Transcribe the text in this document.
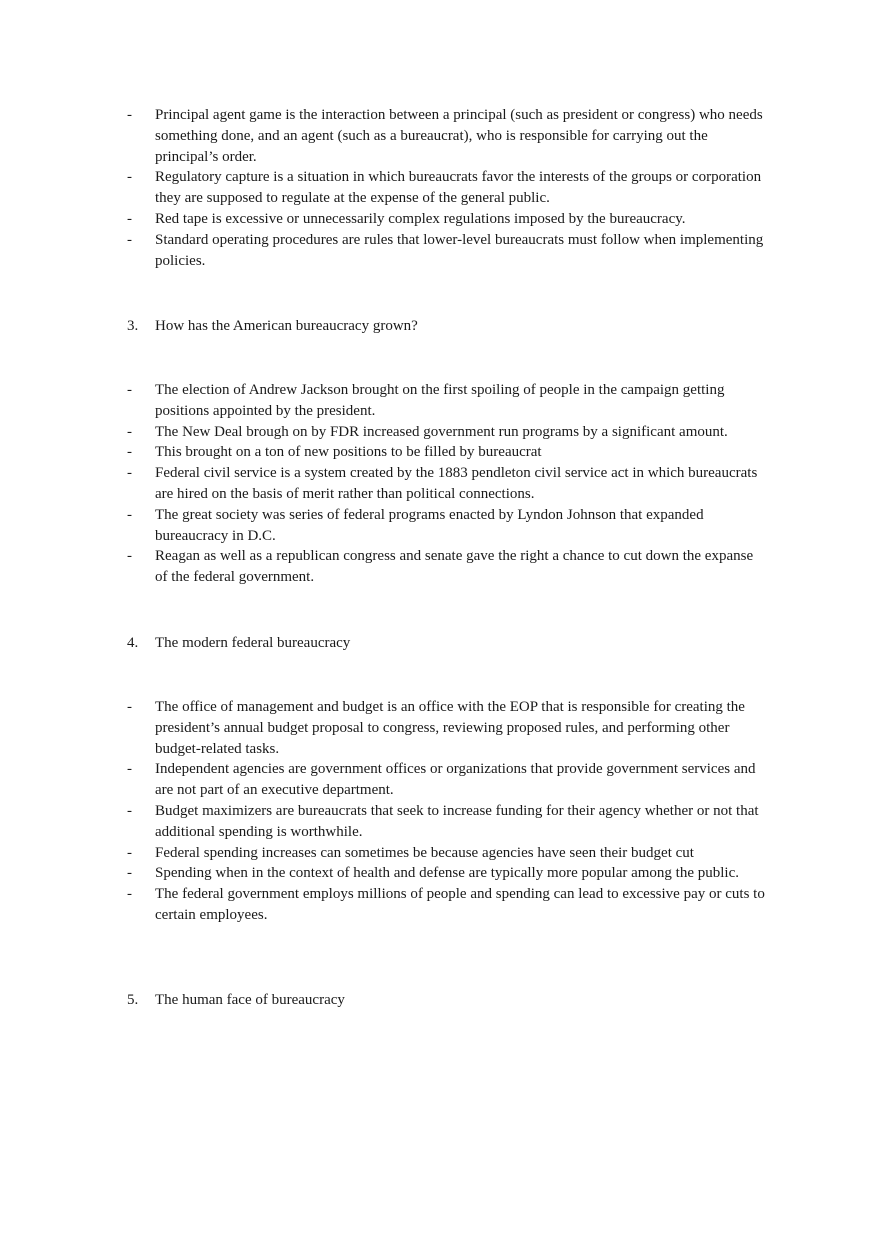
-	Principal agent game is the interaction between a principal (such as president or congress) who needs something done, and an agent (such as a bureaucrat), who is responsible for carrying out the principal’s order.
-	Regulatory capture is a situation in which bureaucrats favor the interests of the groups or corporation they are supposed to regulate at the expense of the general public.
-	Red tape is excessive or unnecessarily complex regulations imposed by the bureaucracy.
-	Standard operating procedures are rules that lower-level bureaucrats must follow when implementing policies.
3.	How has the American bureaucracy grown?
-	The election of Andrew Jackson brought on the first spoiling of people in the campaign getting positions appointed by the president.
-	The New Deal brough on by FDR increased government run programs by a significant amount.
-	This brought on a ton of new positions to be filled by bureaucrat
-	Federal civil service is a system created by the 1883 pendleton civil service act in which bureaucrats are hired on the basis of merit rather than political connections.
-	The great society was series of federal programs enacted by Lyndon Johnson that expanded bureaucracy in D.C.
-	Reagan as well as a republican congress and senate gave the right a chance to cut down the expanse of the federal government.
4.	The modern federal bureaucracy
-	The office of management and budget is an office with the EOP that is responsible for creating the president’s annual budget proposal to congress, reviewing proposed rules, and performing other budget-related tasks.
-	Independent agencies are government offices or organizations that provide government services and are not part of an executive department.
-	Budget maximizers are bureaucrats that seek to increase funding for their agency whether or not that additional spending is worthwhile.
-	Federal spending increases can sometimes be because agencies have seen their budget cut
-	Spending when in the context of health and defense are typically more popular among the public.
-	The federal government employs millions of people and spending can lead to excessive pay or cuts to certain employees.
5.	The human face of bureaucracy
